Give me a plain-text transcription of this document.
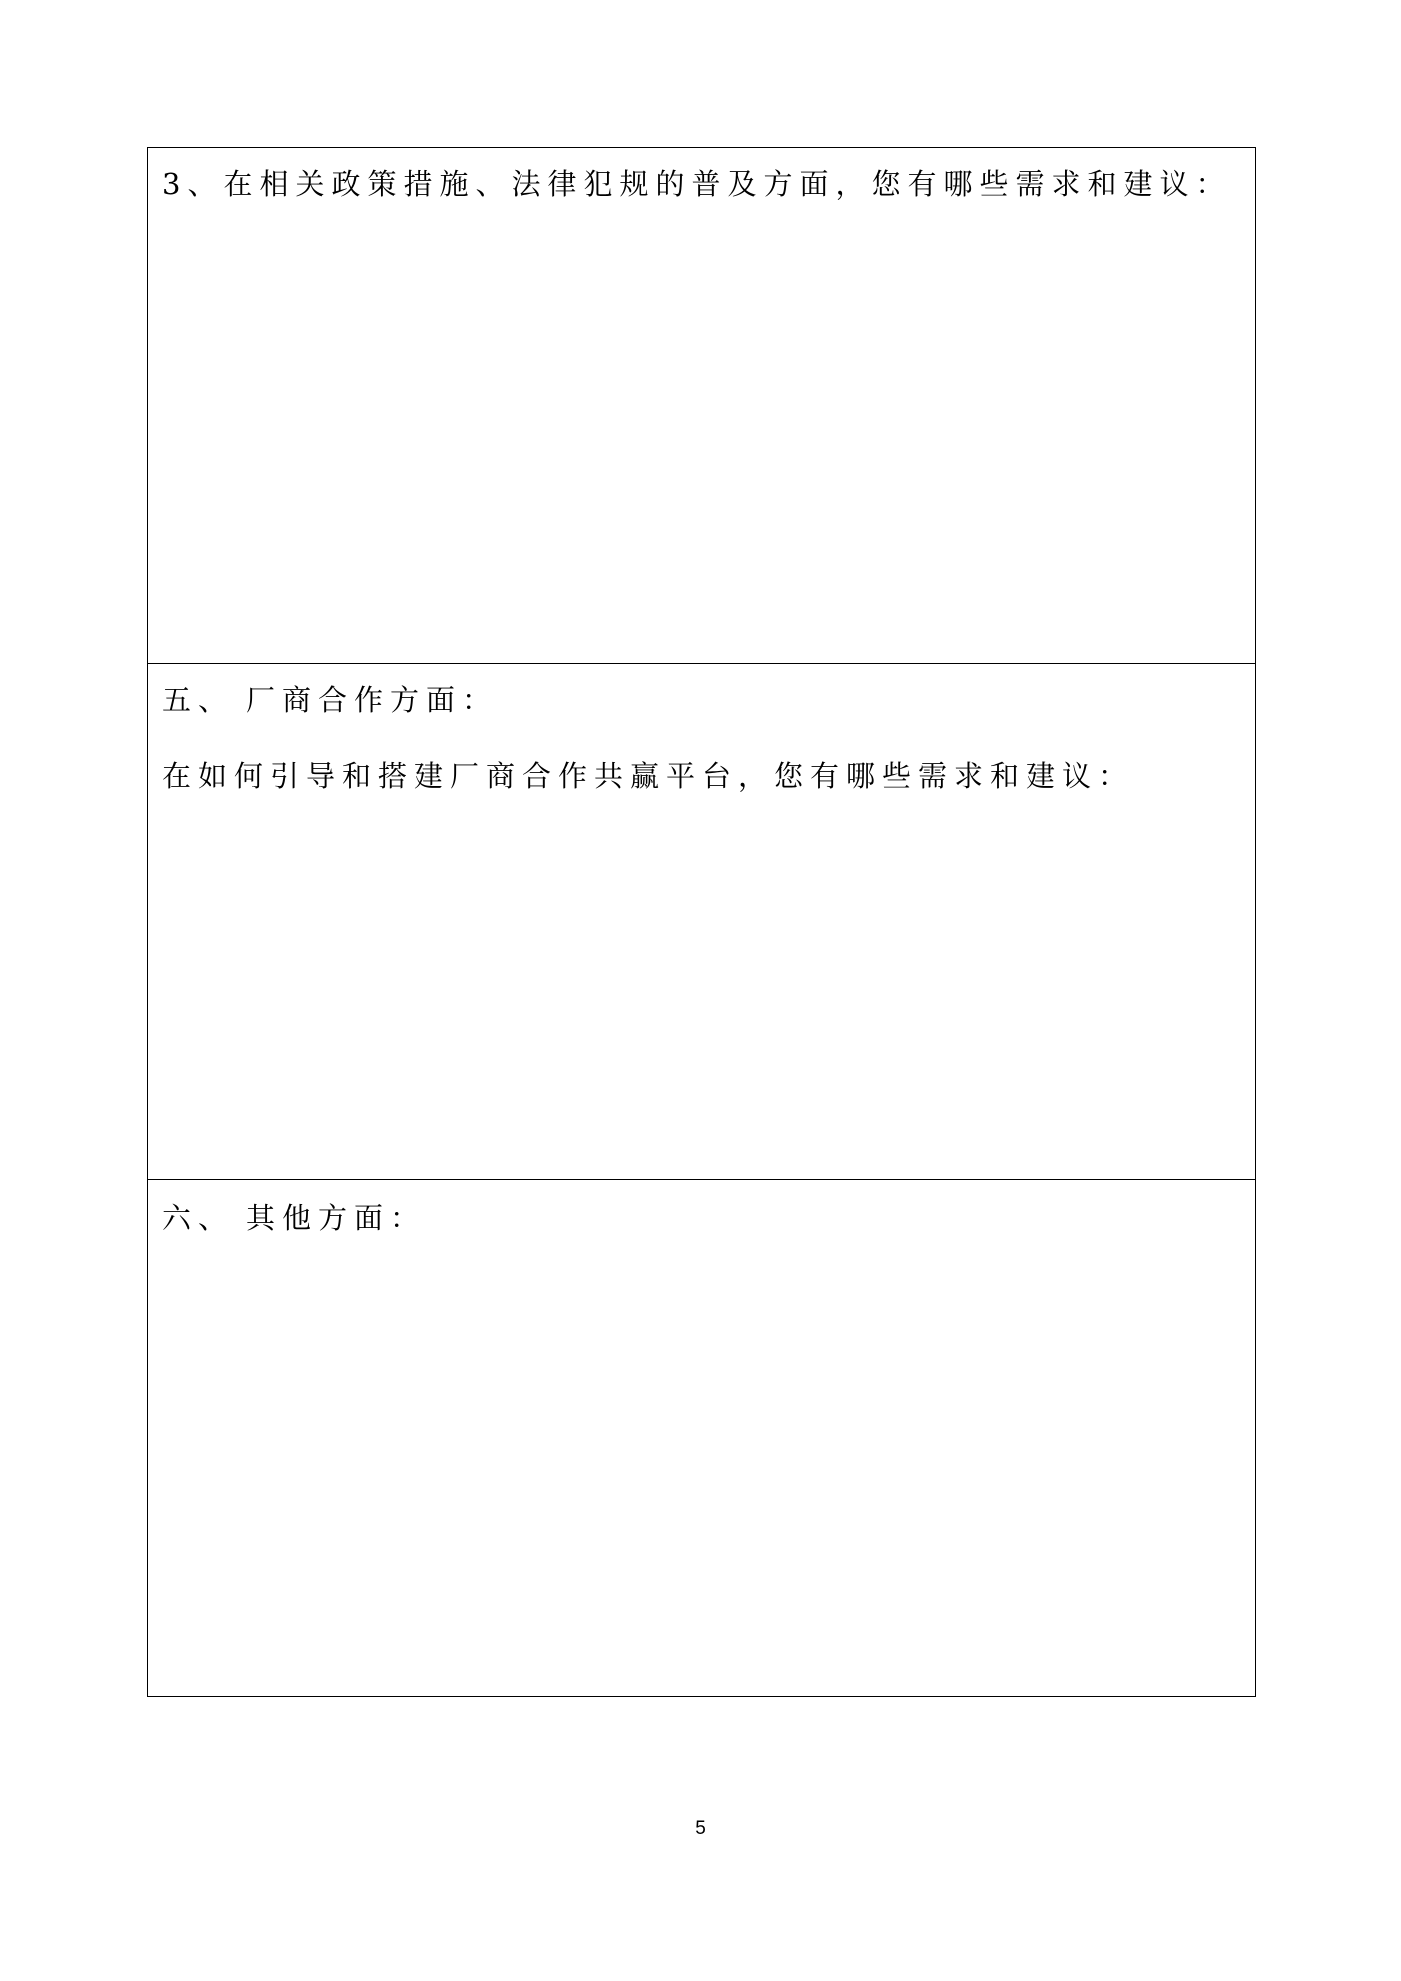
3、在相关政策措施、法律犯规的普及方面，您有哪些需求和建议：
五、 厂商合作方面：
在如何引导和搭建厂商合作共赢平台，您有哪些需求和建议：
六、 其他方面：
5
